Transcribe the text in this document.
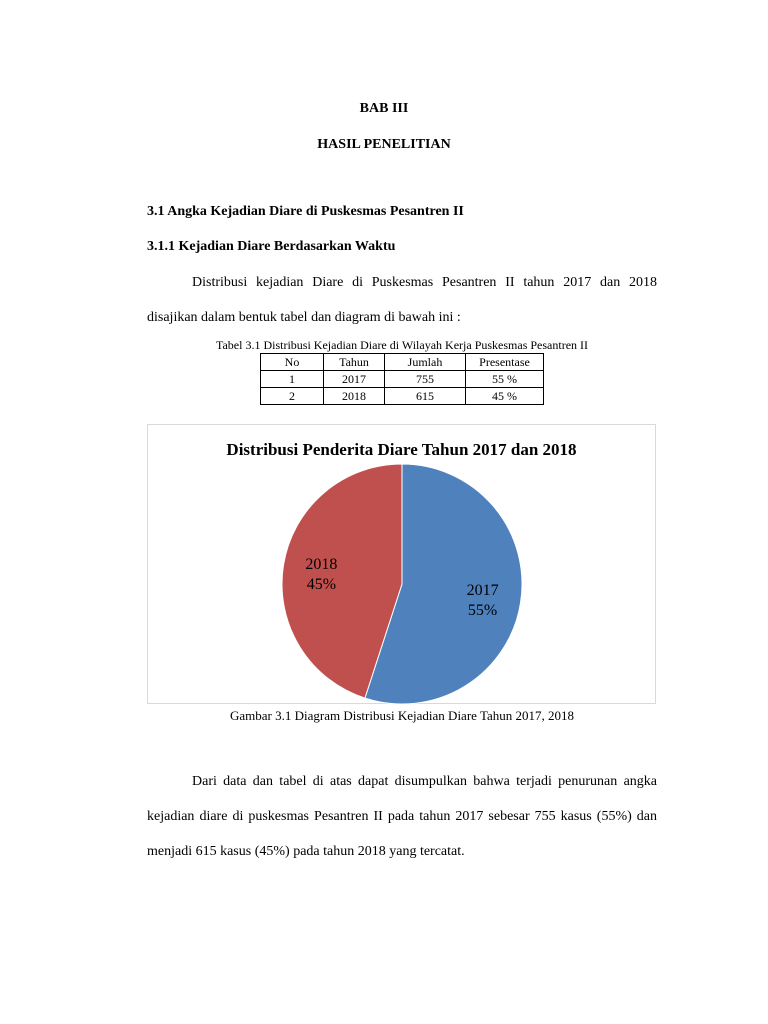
BAB III
HASIL PENELITIAN
3.1 Angka Kejadian Diare di Puskesmas Pesantren II
3.1.1 Kejadian Diare Berdasarkan Waktu

Distribusi kejadian Diare di Puskesmas Pesantren II tahun 2017 dan 2018 disajikan dalam bentuk tabel dan diagram di bawah ini :

Tabel 3.1 Distribusi Kejadian Diare di Wilayah Kerja Puskesmas Pesantren II
No	Tahun	Jumlah	Presentase
1	2017	755	55 %
2	2018	615	45 %
Distribusi Penderita Diare Tahun 2017 dan 2018
2017 55%
2018 45%
Gambar 3.1 Diagram Distribusi Kejadian Diare Tahun 2017, 2018

Dari data dan tabel di atas dapat disumpulkan bahwa terjadi penurunan angka kejadian diare di puskesmas Pesantren II pada tahun 2017 sebesar 755 kasus (55%) dan menjadi 615 kasus (45%) pada tahun 2018 yang tercatat.
